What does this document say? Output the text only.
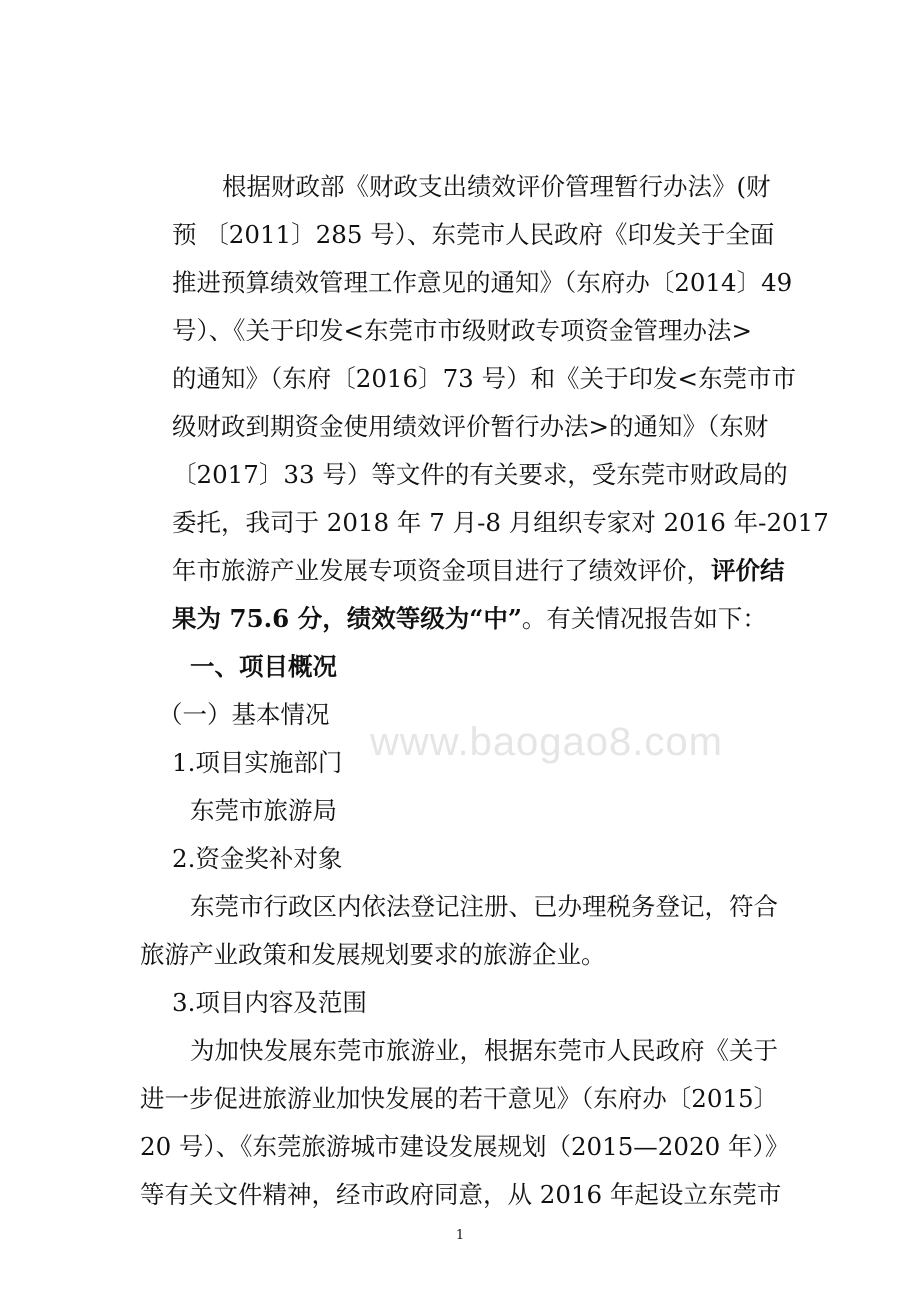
www.baogao8.com
根据财政部《财政支出绩效评价管理暂行办法》(财
预 〔2011〕285 号）、东莞市人民政府《印发关于全面
推进预算绩效管理工作意见的通知》（东府办〔2014〕49
号）、《关于印发<东莞市市级财政专项资金管理办法>
的通知》（东府〔2016〕73 号）和《关于印发<东莞市市
级财政到期资金使用绩效评价暂行办法>的通知》（东财
〔2017〕33 号）等文件的有关要求，受东莞市财政局的
委托，我司于 2018 年 7 月-8 月组织专家对 2016 年-2017
年市旅游产业发展专项资金项目进行了绩效评价，评价结
果为 75.6 分，绩效等级为“中”。有关情况报告如下：
一、项目概况
（一）基本情况
1.项目实施部门
东莞市旅游局
2.资金奖补对象
东莞市行政区内依法登记注册、已办理税务登记，符合
旅游产业政策和发展规划要求的旅游企业。
3.项目内容及范围
为加快发展东莞市旅游业，根据东莞市人民政府《关于
进一步促进旅游业加快发展的若干意见》（东府办〔2015〕
20 号）、《东莞旅游城市建设发展规划（2015—2020 年）》
等有关文件精神，经市政府同意，从 2016 年起设立东莞市
1
